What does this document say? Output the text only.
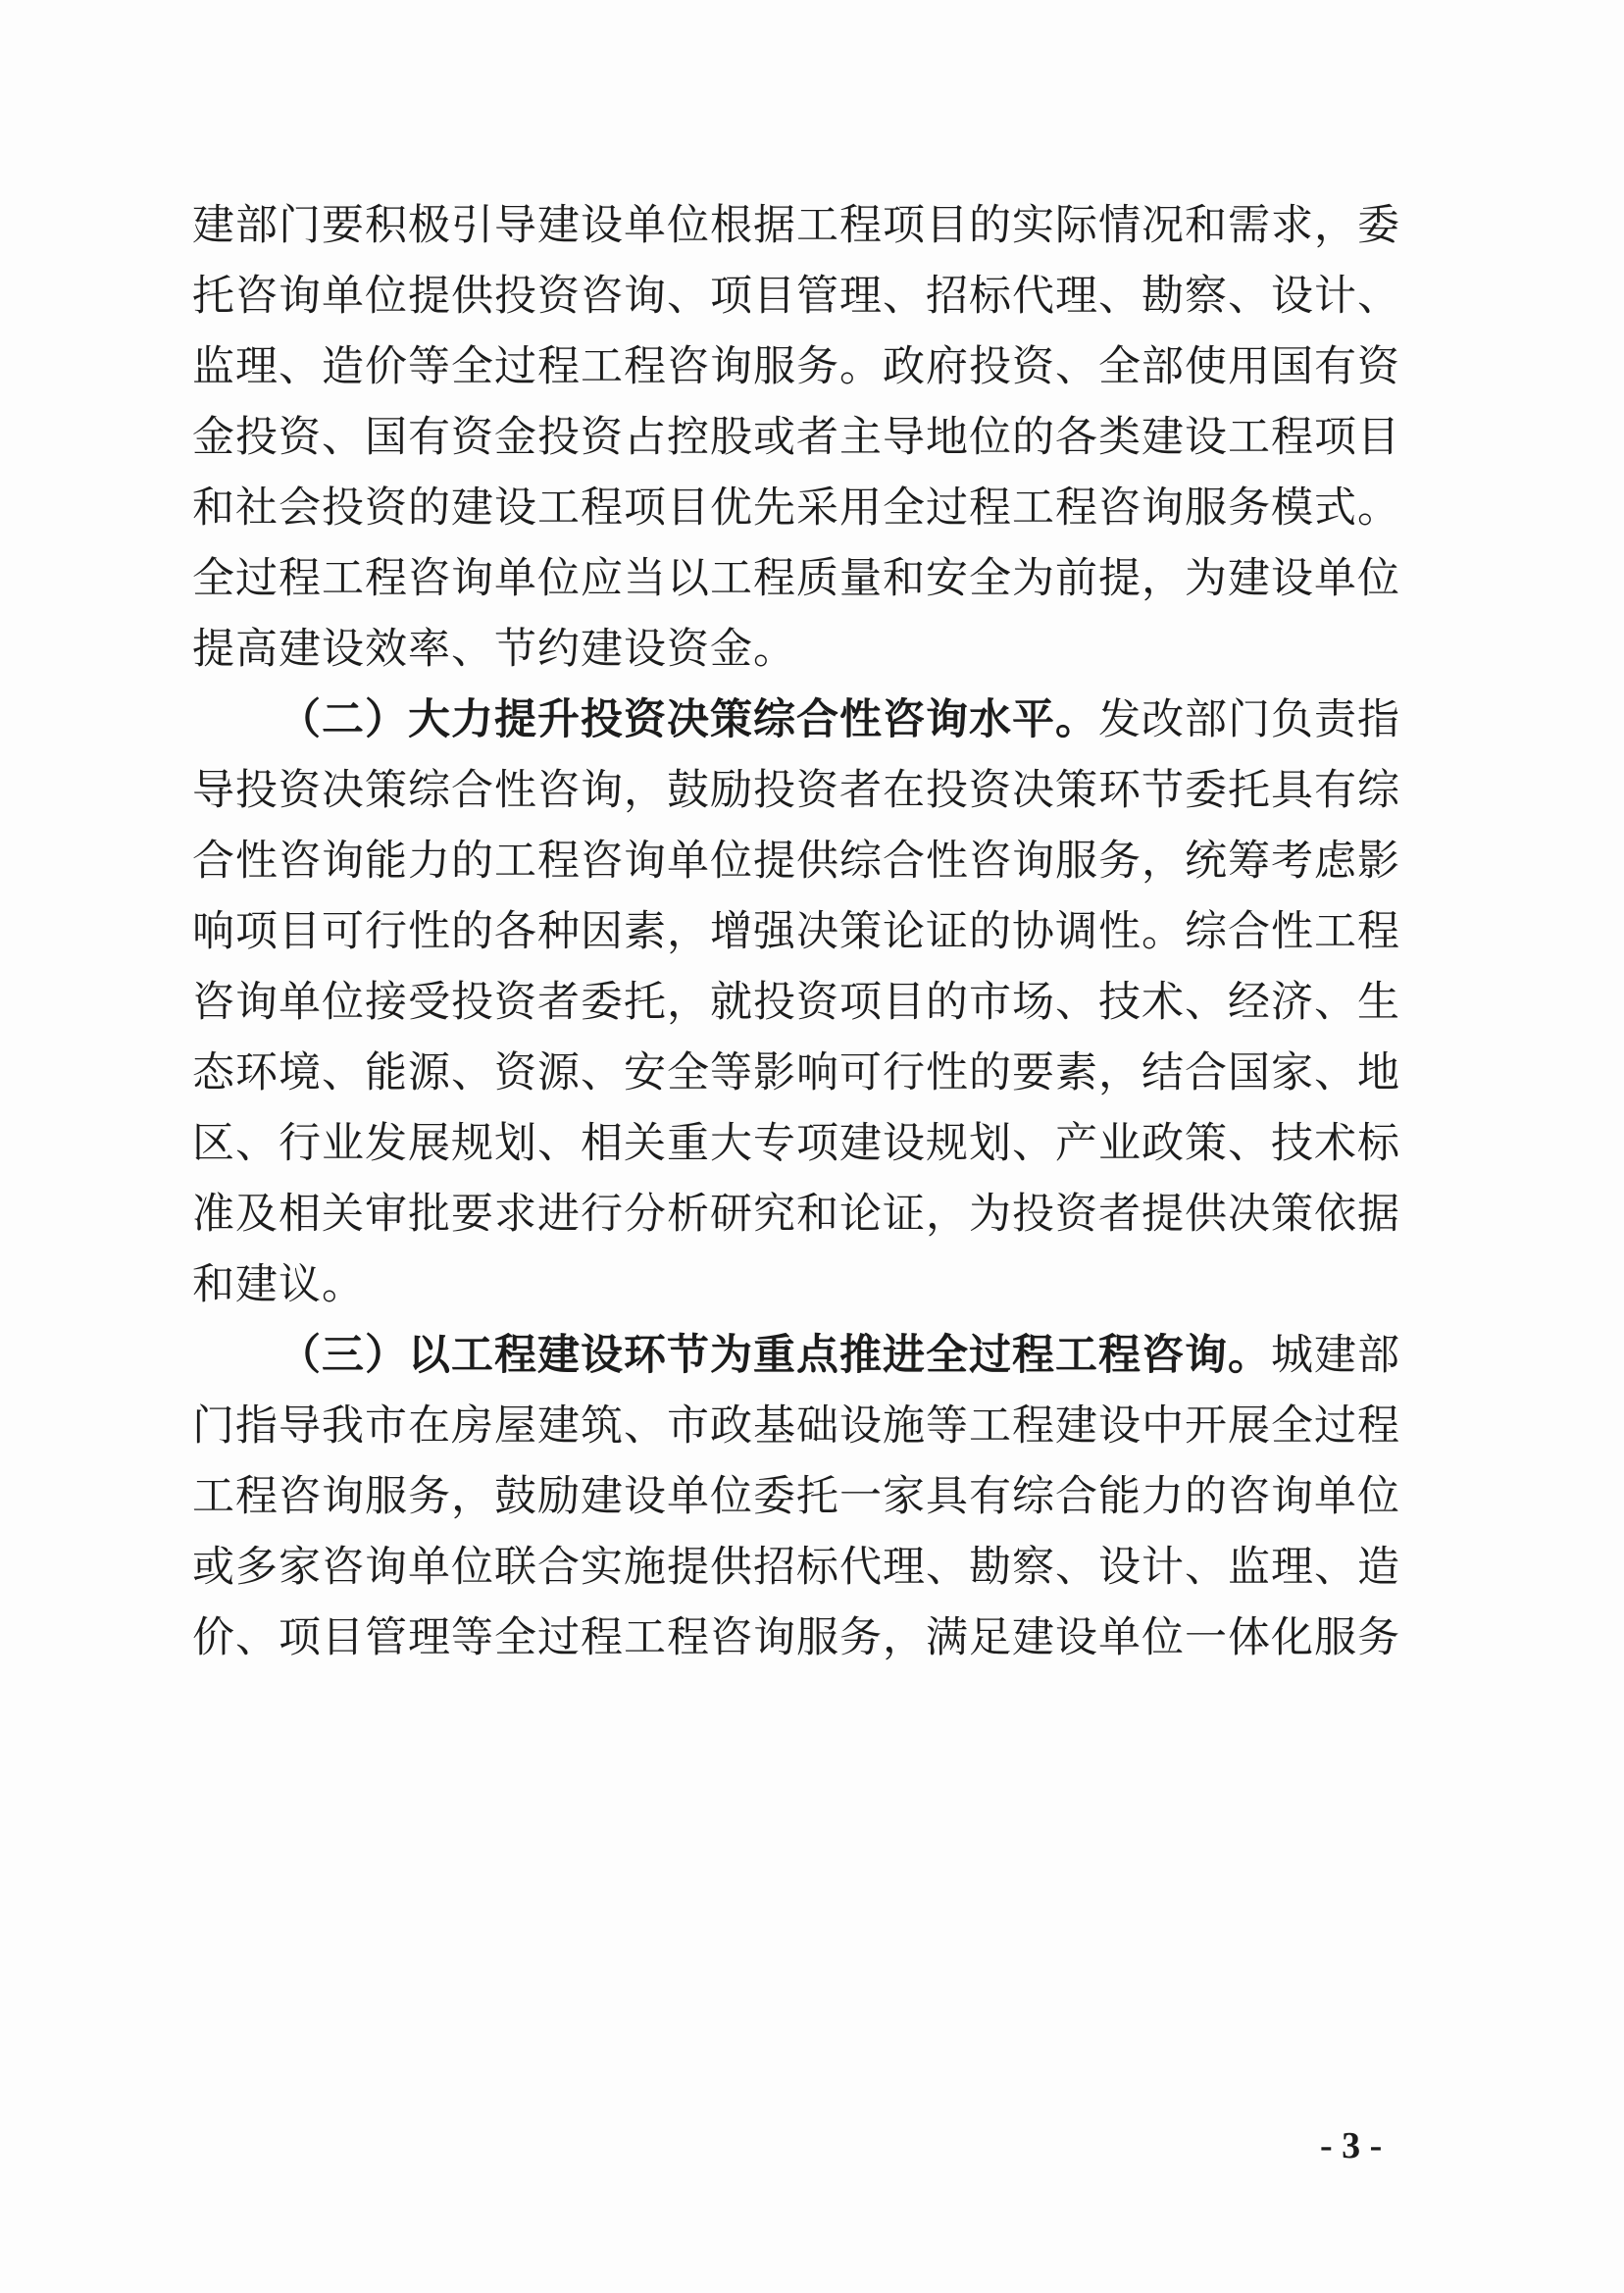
建部门要积极引导建设单位根据工程项目的实际情况和需求，委
托咨询单位提供投资咨询、项目管理、招标代理、勘察、设计、
监理、造价等全过程工程咨询服务。政府投资、全部使用国有资
金投资、国有资金投资占控股或者主导地位的各类建设工程项目
和社会投资的建设工程项目优先采用全过程工程咨询服务模式。
全过程工程咨询单位应当以工程质量和安全为前提，为建设单位
提高建设效率、节约建设资金。
（二）大力提升投资决策综合性咨询水平。发改部门负责指
导投资决策综合性咨询，鼓励投资者在投资决策环节委托具有综
合性咨询能力的工程咨询单位提供综合性咨询服务，统筹考虑影
响项目可行性的各种因素，增强决策论证的协调性。综合性工程
咨询单位接受投资者委托，就投资项目的市场、技术、经济、生
态环境、能源、资源、安全等影响可行性的要素，结合国家、地
区、行业发展规划、相关重大专项建设规划、产业政策、技术标
准及相关审批要求进行分析研究和论证，为投资者提供决策依据
和建议。
（三）以工程建设环节为重点推进全过程工程咨询。城建部
门指导我市在房屋建筑、市政基础设施等工程建设中开展全过程
工程咨询服务，鼓励建设单位委托一家具有综合能力的咨询单位
或多家咨询单位联合实施提供招标代理、勘察、设计、监理、造
价、项目管理等全过程工程咨询服务，满足建设单位一体化服务
- 3 -
